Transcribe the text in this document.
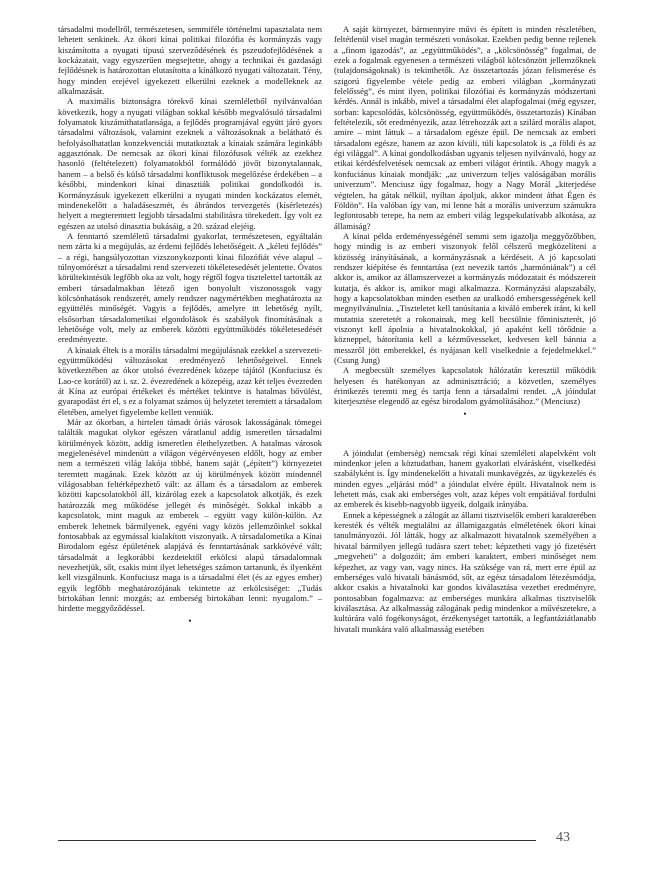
társadalmi modellről, természetesen, semmiféle történelmi tapasztalata nem lehetett senkinek. Az ókori kínai politikai filozófia és kormányzás vagy kiszámította a nyugati típusú szervezõdésének és pszeudofejlődésének a kockázatait, vagy egyszerűen megsejtette, ahogy a technikai és gazdasági fejlődésnek is határozottan elutasította a kínálkozó nyugati változatait. Tény, hogy minden erejével igyekezett elkerülni ezeknek a modelleknek az alkalmazását.

A maximális biztonságra törekvő kínai szemléletből nyilvánvalóan következik, hogy a nyugati világban sokkal később megvalósuló társadalmi folyamatok kiszámíthatatlansága, a fejlődés programjával együtt járó gyors társadalmi változások, valamint ezeknek a változásoknak a belátható és befolyásolhatatlan konzekvenciái mutatkoztak a kínaiak számára leginkább aggasztónak. De nemcsak az ókori kínai filozófusok vélték az ezekhez hasonló (feltételezett) folyamatokból formálódó jövőt bizonytalannak, hanem – a belső és külső társadalmi konfliktusok megelőzése érdekében – a későbbi, mindenkori kínai dinasztiák politikai gondolkodói is. Kormányzásuk igyekezett elkerülni a nyugati minden kockázatos elemét, mindenekelőtt a haladáseszmét, és ábrándos tervezgetés (kísérletezés) helyett a megteremtett legjobb társadalmi stabilitásra törekedett. Így volt ez egészen az utolsó dinasztia bukásáig, a 20. század elejéig.

A fenntartó szemléletű társadalmi gyakorlat, természetesen, egyáltalán nem zárta ki a megújulás, az érdemi fejlődés lehetőségeit. A „kéleti fejlődés” – a régi, hangsúlyozottan vizszonykozponti kínai filozófiát véve alapul – túlnyomórészt a társadalmi rend szervezeti tökéletesedését jelentette. Óvatos körültekintésük legfőbb oka az volt, hogy régtől fogva tisztelettel tartották az emberi társadalmakban létező igen bonyolult viszonossgok vagy kölcsönhatások rendszerét, amely rendszer nagymértékben meghatározta az együttélés minőségét. Vagyis a fejlődés, amelyre itt lehetőség nyílt, elsősorban társadalometikai elgondolások és szabályok finomításának a lehetősége volt, mely az emberek közötti együttműködés tökéletesedését eredményezte.

A kínaiak éltek is a morális társadalmi megújulásnak ezekkel a szervezeti-együttműködési változásokat eredményező lehetőségeivel. Ennek következtében az ókor utolsó évezredének közepe tájától (Konfuciusz és Lao-ce korától) az i. sz. 2. évezredének a közepéig, azaz két teljes évezreden át Kína az európai értékeket és mértéket tekintve is hatalmas bővülést, gyarapodást ért el, s ez a folyamat számos új helyzetet teremtett a társadalom életében, amelyet figyelembe kellett venniük.

Már az ókorban, a hirtelen támadt óriás városok lakosságának tömegei találták magukat olykor egészen váratlanul addig ismeretlen társadalmi körülmények között, addig ismeretlen élethelyzetben. A hatalmas városok megjelenésével mindenütt a világon végérvényesen eldőlt, hogy az ember nem a természeti világ lakója többé, hanem saját („épített”) környezetet teremtett magának. Ezek között az új körülmények között mindennél világosabban feltérképezhető vált: az állam és a társadalom az emberek közötti kapcsolatokból áll, kizárólag ezek a kapcsolatok alkotják, és ezek határozzák meg működése jellegét és minőségét. Sokkal inkább a kapcsolatok, mint maguk az emberek – együtt vagy külön-külön. Az emberek lehetnek bármilyenek, egyéni vagy közös jellemzőinkel sokkal fontosabbak az egymással kialakított viszonyaik. A társadalometika a Kínai Birodalom egész épületének alapjává és fenntartásának sarkkövévé vált; társadalmát a legkorábbi kezdetektől erkölcsi alapú társadalomnak nevezhetjük, sőt, csakis mint ilyet lehetséges számon tartanunk, és ilyenként kell vizsgálnunk. Konfuciusz maga is a társadalmi élet (és az egyes ember) egyik legfőbb meghatározójának tekintette az erkölcsiséget: „Tudás birtokában lenni: mozgás; az emberség birtokában lenni: nyugalom.” – hirdette meggyőződéssel.

•

A saját környezet, bármennyire művi és épített is minden részletében, feltétlenül visel magán természeti vonásokat. Ezekben pedig benne rejlenek a „finom igazodás”, az „együttműködés”, a „kölcsönösség” fogalmai, de ezek a fogalmak egyenesen a természeti világból kölcsönzött jellemzőknek (tulajdonságoknak) is tekinthetők. Az összetartozás józan felismerése és szigorú figyelembe vétele pedig az emberi világban „kormányzati felelősség”, és mint ilyen, politikai filozófiai és kormányzás módszertani kérdés. Annál is inkább, mivel a társadalmi élet alapfogalmai (még egyszer, sorban: kapcsolódás, kölcsönösség, együttműködés, összetartozás) Kínában feltételezik, sőt eredményezik, azaz létrehozzák azt a szilárd morális alapot, amire – mint láttuk – a társadalom egésze épül. De nemcsak az emberi társadalom egésze, hanem az azon kívüli, túli kapcsolatok is „a földi és az égi világgal”. A kínai gondolkodásban ugyanis teljesen nyilvánvaló, hogy az etikai kérdésfelvetések nemcsak az emberi világot érintik. Ahogy magyk a konfuciánus kínaiak mondják: „az univerzum teljes valóságában morális univerzum”. Menciusz úgy fogalmaz, hogy a Nagy Morál „kiterjedése végtelen, ha gátak nélkül, nyíltan ápoljuk, akkor mindent áthat Égen és Földön”. Ha valóban így van, mi lenne hát a morális univerzum számukra legfontosabb terepe, ha nem az emberi világ legspekulatívabb alkotása, az államiság?

A kínai példa erdeményességénél semmi sem igazolja meggyőzőbben, hogy mindig is az emberi viszonyok felől célszerű megközelíteni a közösség irányításának, a kormányzásnak a kérdéseit. A jó kapcsolati rendszer kiépítése és fenntartása (ezt nevezik tartós „harmóniának”) a cél akkor is, amikor az államszervezet a kormányzás módozatait és módszereit kutatja, és akkor is, amikor magi alkalmazza. Kormányzási alapszabály, hogy a kapcsolatokban minden esetben az uralkodó embersgességének kell megnyilvánulnia. „Tiszteletet kell tanúsítania a kiváló emberek iránt, ki kell mutatnia szeretetét a rokonainak, meg kell becsülnie főminiszterét, jó viszonyt kell ápolnia a hivatalnokokkal, jó apaként kell törődnie a közneppel, bátorítania kell a kézművesseket, kedvesen kell bánnia a messzről jött emberekkel, és nyájasan kell viselkednie a fejedelmekkel.” (Csung Jung)

A megbecsült személyes kapcsolatok hálózatán keresztül működik helyesen és hatékonyan az adminisztráció; a közvetlen, személyes érintkezés teremti meg és tartja fenn a társadalmi rendet. „A jóindulat kiterjesztése elegendő az egész birodalom gyámolításához.” (Menciusz)

•

A jóindulat (emberség) nemcsak régi kínai szemléleti alapelvként volt mindenkor jelen a köztudatban, hanem gyakorlati elvárásként, viselkedési szabályként is. Így mindenekelőtt a hivatali munkavégzés, az ügykezelés és minden egyes „eljárási mód” a jóindulat elvére épült. Hivatalnok nem is lehetett más, csak aki emberséges volt, azaz képes volt empátiával fordulni az emberek és kisebb-nagyobb ügyeik, dolgaik irányába.

Ennek a képességnek a zálogát az állami tisztviselők emberi karakterében keresték és vélték megtalálni az államigazgatás elméletének ókori kínai tanulmányozói. Jól látták, hogy az alkalmazott hivatalnok személyében a hivatal bármilyen jellegű tudásra szert tehet: képzetheti vagy jó fizetésért „megveheti” a dolgozóit; ám emberi karaktert, emberi minőséget nem képezhet, az vagy van, vagy nincs. Ha szüksége van rá, mert erre épül az emberséges való hivatali bánásmód, sőt, az egész társadalom létezésmódja, akkor csakis a hivatalnoki kar gondos kiválasztása vezethet eredményre, pontosabban fogalmazva: az emberséges munkára alkalmas tisztviselők kiválasztása. Az alkalmasság zálogának pedig mindenkor a művészetekre, a kultúrára való fogékonyságot, érzékenységet tartották, a legfantáziátlanabb hivatali munkára való alkalmasság esetében

43
